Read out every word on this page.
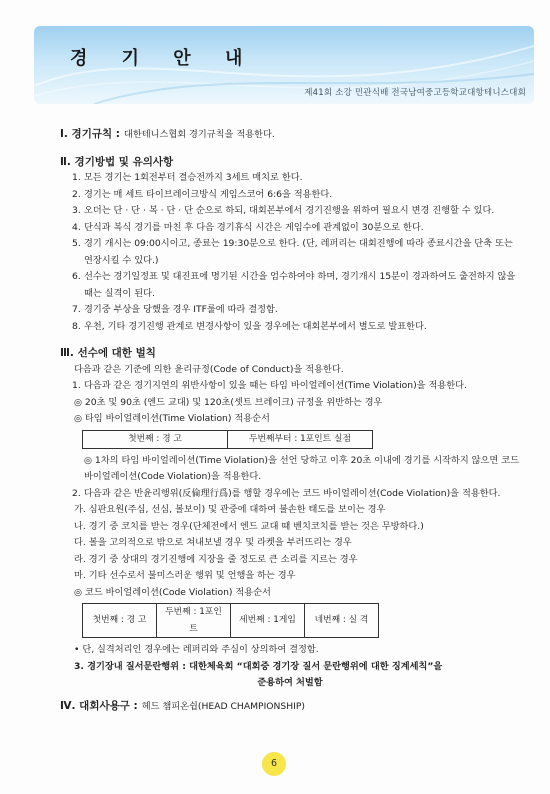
경 기 안 내
제41회 소강 민관식배 전국남여중고등학교대항테니스대회
Ⅰ. 경기규칙 : 대한테니스협회 경기규칙을 적용한다.
Ⅱ. 경기방법 및 유의사항
1. 모든 경기는 1회전부터 결승전까지 3세트 매치로 한다.
2. 경기는 매 세트 타이브레이크방식 게임스코어 6:6을 적용한다.
3. 오더는 단 · 단 · 복 · 단 · 단 순으로 하되, 대회본부에서 경기진행을 위하여 필요시 변경 진행할 수 있다.
4. 단식과 복식 경기를 마친 후 다음 경기휴식 시간은 게임수에 관계없이 30분으로 한다.
5. 경기 개시는 09:00시이고, 종료는 19:30분으로 한다. (단, 레퍼리는 대회진행에 따라 종료시간을 단축 또는 연장시킬 수 있다.)
6. 선수는 경기일정표 및 대진표에 명기된 시간을 엄수하여야 하며, 경기개시 15분이 경과하여도 출전하지 않을 때는 실격이 된다.
7. 경기중 부상을 당했을 경우 ITF룰에 따라 결정함.
8. 우천, 기타 경기진행 관계로 변경사항이 있을 경우에는 대회본부에서 별도로 발표한다.
Ⅲ. 선수에 대한 벌칙
다음과 같은 기준에 의한 윤리규정(Code of Conduct)을 적용한다.
1. 다음과 같은 경기지연의 위반사항이 있을 때는 타임 바이얼레이션(Time Violation)을 적용한다.
◎ 20초 및 90초 (엔드 교대) 및 120초(셋트 브레이크) 규정을 위반하는 경우
◎ 타임 바이얼레이션(Time Violation) 적용순서
첫번째 : 경 고	두번째부터 : 1포인트 실점
◎ 1차의 타임 바이얼레이션(Time Violation)을 선언 당하고 이후 20초 이내에 경기를 시작하지 않으면 코드 바이얼레이션(Code Violation)을 적용한다.
2. 다음과 같은 반윤리행위(反倫理行爲)를 행할 경우에는 코드 바이얼레이션(Code Violation)을 적용한다.
가. 심판요원(주심, 선심, 볼보이) 및 관중에 대하여 불손한 태도를 보이는 경우
나. 경기 중 코치를 받는 경우(단체전에서 엔드 교대 때 벤치코치를 받는 것은 무방하다.)
다. 볼을 고의적으로 밖으로 쳐내보낼 경우 및 라켓을 부러뜨리는 경우
라. 경기 중 상대의 경기진행에 지장을 줄 정도로 큰 소리를 지르는 경우
마. 기타 선수로서 불미스러운 행위 및 언행을 하는 경우
◎ 코드 바이얼레이션(Code Violation) 적용순서
첫번째 : 경 고	두번째 : 1포인트	세번째 : 1게임	네번째 : 실 격
• 단, 실격처리인 경우에는 레퍼리와 주심이 상의하여 결정함.
3. 경기장내 질서문란행위 : 대한체육회 “대회중 경기장 질서 문란행위에 대한 징계세칙”을
준용하여 처벌함
Ⅳ. 대회사용구 : 헤드 챔피온쉽(HEAD CHAMPIONSHIP)
6
